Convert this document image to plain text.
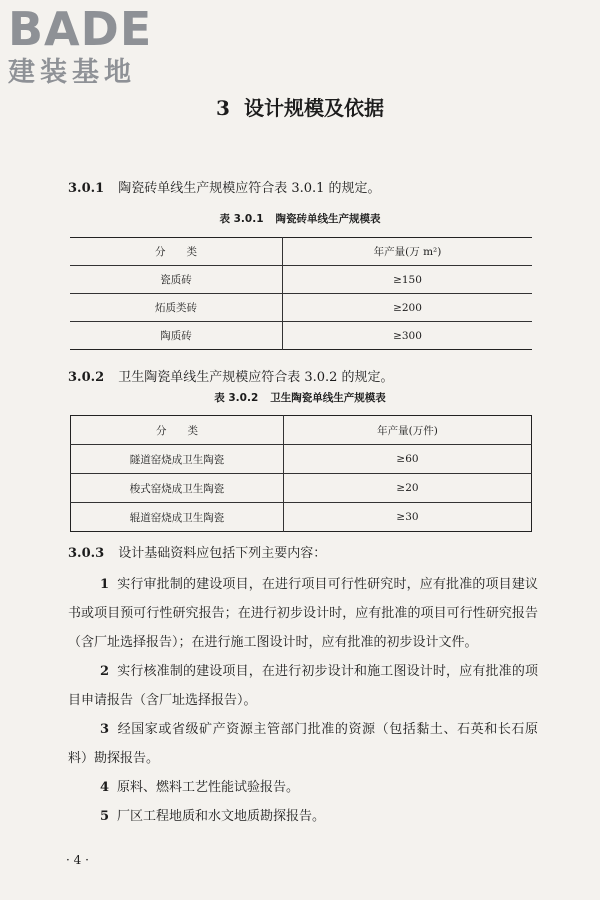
BADE
建装基地
3 设计规模及依据
3.0.1 陶瓷砖单线生产规模应符合表 3.0.1 的规定。
表 3.0.1 陶瓷砖单线生产规模表
分　　类	年产量(万 m²)
瓷质砖	≥150
炻质类砖	≥200
陶质砖	≥300
3.0.2 卫生陶瓷单线生产规模应符合表 3.0.2 的规定。
表 3.0.2 卫生陶瓷单线生产规模表
分　　类	年产量(万件)
隧道窑烧成卫生陶瓷	≥60
梭式窑烧成卫生陶瓷	≥20
辊道窑烧成卫生陶瓷	≥30

3.0.3 设计基础资料应包括下列主要内容：

1 实行审批制的建设项目，在进行项目可行性研究时，应有批准的项目建议书或项目预可行性研究报告；在进行初步设计时，应有批准的项目可行性研究报告（含厂址选择报告）；在进行施工图设计时，应有批准的初步设计文件。

2 实行核准制的建设项目，在进行初步设计和施工图设计时，应有批准的项目申请报告（含厂址选择报告）。

3 经国家或省级矿产资源主管部门批准的资源（包括黏土、石英和长石原料）勘探报告。

4 原料、燃料工艺性能试验报告。

5 厂区工程地质和水文地质勘探报告。

· 4 ·
